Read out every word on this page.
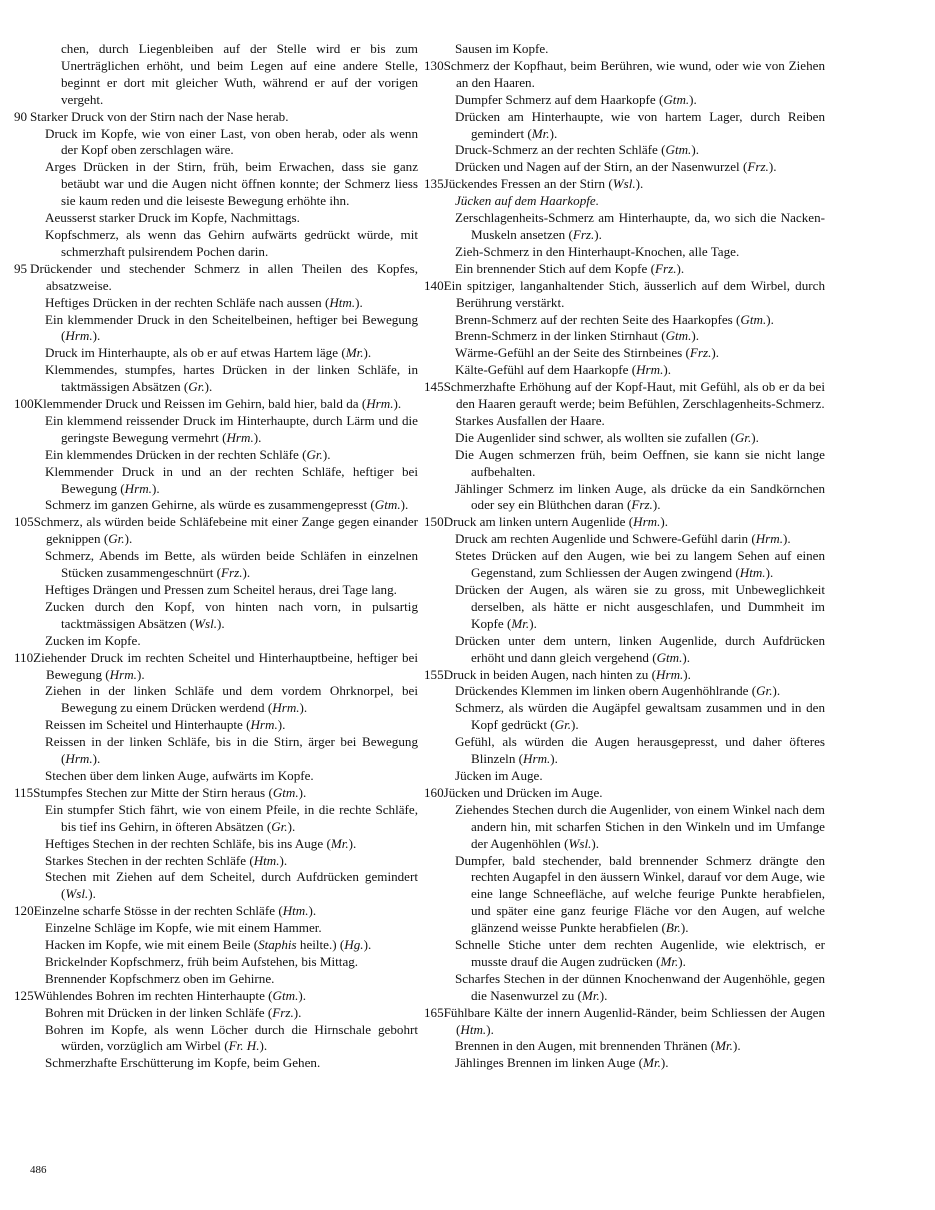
chen, durch Liegenbleiben auf der Stelle wird er bis zum Unerträglichen erhöht, und beim Legen auf eine andere Stelle, beginnt er dort mit gleicher Wuth, während er auf der vorigen vergeht.
90Starker Druck von der Stirn nach der Nase herab.
Druck im Kopfe, wie von einer Last, von oben herab, oder als wenn der Kopf oben zerschlagen wäre.
Arges Drücken in der Stirn, früh, beim Erwachen, dass sie ganz betäubt war und die Augen nicht öffnen konnte; der Schmerz liess sie kaum reden und die leiseste Bewegung erhöhte ihn.
Aeusserst starker Druck im Kopfe, Nachmittags.
Kopfschmerz, als wenn das Gehirn aufwärts gedrückt würde, mit schmerzhaft pulsirendem Pochen darin.
95Drückender und stechender Schmerz in allen Theilen des Kopfes, absatzweise.
Heftiges Drücken in der rechten Schläfe nach aussen (Htm.).
Ein klemmender Druck in den Scheitelbeinen, heftiger bei Bewegung (Hrm.).
Druck im Hinterhaupte, als ob er auf etwas Hartem läge (Mr.).
Klemmendes, stumpfes, hartes Drücken in der linken Schläfe, in taktmässigen Absätzen (Gr.).
100Klemmender Druck und Reissen im Gehirn, bald hier, bald da (Hrm.).
Ein klemmend reissender Druck im Hinterhaupte, durch Lärm und die geringste Bewegung vermehrt (Hrm.).
Ein klemmendes Drücken in der rechten Schläfe (Gr.).
Klemmender Druck in und an der rechten Schläfe, heftiger bei Bewegung (Hrm.).
Schmerz im ganzen Gehirne, als würde es zusammengepresst (Gtm.).
105Schmerz, als würden beide Schläfebeine mit einer Zange gegen einander geknippen (Gr.).
Schmerz, Abends im Bette, als würden beide Schläfen in einzelnen Stücken zusammengeschnürt (Frz.).
Heftiges Drängen und Pressen zum Scheitel heraus, drei Tage lang.
Zucken durch den Kopf, von hinten nach vorn, in pulsartig tacktmässigen Absätzen (Wsl.).
Zucken im Kopfe.
110Ziehender Druck im rechten Scheitel und Hinterhauptbeine, heftiger bei Bewegung (Hrm.).
Ziehen in der linken Schläfe und dem vordem Ohrknorpel, bei Bewegung zu einem Drücken werdend (Hrm.).
Reissen im Scheitel und Hinterhaupte (Hrm.).
Reissen in der linken Schläfe, bis in die Stirn, ärger bei Bewegung (Hrm.).
Stechen über dem linken Auge, aufwärts im Kopfe.
115Stumpfes Stechen zur Mitte der Stirn heraus (Gtm.).
Ein stumpfer Stich fährt, wie von einem Pfeile, in die rechte Schläfe, bis tief ins Gehirn, in öfteren Absätzen (Gr.).
Heftiges Stechen in der rechten Schläfe, bis ins Auge (Mr.).
Starkes Stechen in der rechten Schläfe (Htm.).
Stechen mit Ziehen auf dem Scheitel, durch Aufdrücken gemindert (Wsl.).
120Einzelne scharfe Stösse in der rechten Schläfe (Htm.).
Einzelne Schläge im Kopfe, wie mit einem Hammer.
Hacken im Kopfe, wie mit einem Beile (Staphis heilte.) (Hg.).
Brickelnder Kopfschmerz, früh beim Aufstehen, bis Mittag.
Brennender Kopfschmerz oben im Gehirne.
125Wühlendes Bohren im rechten Hinterhaupte (Gtm.).
Bohren mit Drücken in der linken Schläfe (Frz.).
Bohren im Kopfe, als wenn Löcher durch die Hirnschale gebohrt würden, vorzüglich am Wirbel (Fr. H.).
Schmerzhafte Erschütterung im Kopfe, beim Gehen.
Sausen im Kopfe.
130Schmerz der Kopfhaut, beim Berühren, wie wund, oder wie von Ziehen an den Haaren.
Dumpfer Schmerz auf dem Haarkopfe (Gtm.).
Drücken am Hinterhaupte, wie von hartem Lager, durch Reiben gemindert (Mr.).
Druck-Schmerz an der rechten Schläfe (Gtm.).
Drücken und Nagen auf der Stirn, an der Nasenwurzel (Frz.).
135Jückendes Fressen an der Stirn (Wsl.).
Jücken auf dem Haarkopfe.
Zerschlagenheits-Schmerz am Hinterhaupte, da, wo sich die Nacken-Muskeln ansetzen (Frz.).
Zieh-Schmerz in den Hinterhaupt-Knochen, alle Tage.
Ein brennender Stich auf dem Kopfe (Frz.).
140Ein spitziger, langanhaltender Stich, äusserlich auf dem Wirbel, durch Berührung verstärkt.
Brenn-Schmerz auf der rechten Seite des Haarkopfes (Gtm.).
Brenn-Schmerz in der linken Stirnhaut (Gtm.).
Wärme-Gefühl an der Seite des Stirnbeines (Frz.).
Kälte-Gefühl auf dem Haarkopfe (Hrm.).
145Schmerzhafte Erhöhung auf der Kopf-Haut, mit Gefühl, als ob er da bei den Haaren gerauft werde; beim Befühlen, Zerschlagenheits-Schmerz.
Starkes Ausfallen der Haare.
Die Augenlider sind schwer, als wollten sie zufallen (Gr.).
Die Augen schmerzen früh, beim Oeffnen, sie kann sie nicht lange aufbehalten.
Jählinger Schmerz im linken Auge, als drücke da ein Sandkörnchen oder sey ein Blüthchen daran (Frz.).
150Druck am linken untern Augenlide (Hrm.).
Druck am rechten Augenlide und Schwere-Gefühl darin (Hrm.).
Stetes Drücken auf den Augen, wie bei zu langem Sehen auf einen Gegenstand, zum Schliessen der Augen zwingend (Htm.).
Drücken der Augen, als wären sie zu gross, mit Unbeweglichkeit derselben, als hätte er nicht ausgeschlafen, und Dummheit im Kopfe (Mr.).
Drücken unter dem untern, linken Augenlide, durch Aufdrücken erhöht und dann gleich vergehend (Gtm.).
155Druck in beiden Augen, nach hinten zu (Hrm.).
Drückendes Klemmen im linken obern Augenhöhlrande (Gr.).
Schmerz, als würden die Augäpfel gewaltsam zusammen und in den Kopf gedrückt (Gr.).
Gefühl, als würden die Augen herausgepresst, und daher öfteres Blinzeln (Hrm.).
Jücken im Auge.
160Jücken und Drücken im Auge.
Ziehendes Stechen durch die Augenlider, von einem Winkel nach dem andern hin, mit scharfen Stichen in den Winkeln und im Umfange der Augenhöhlen (Wsl.).
Dumpfer, bald stechender, bald brennender Schmerz drängte den rechten Augapfel in den äussern Winkel, darauf vor dem Auge, wie eine lange Schneefläche, auf welche feurige Punkte herabfielen, und später eine ganz feurige Fläche vor den Augen, auf welche glänzend weisse Punkte herabfielen (Br.).
Schnelle Stiche unter dem rechten Augenlide, wie elektrisch, er musste drauf die Augen zudrücken (Mr.).
Scharfes Stechen in der dünnen Knochenwand der Augenhöhle, gegen die Nasenwurzel zu (Mr.).
165Fühlbare Kälte der innern Augenlid-Ränder, beim Schliessen der Augen (Htm.).
Brennen in den Augen, mit brennenden Thränen (Mr.).
Jählinges Brennen im linken Auge (Mr.).
486
